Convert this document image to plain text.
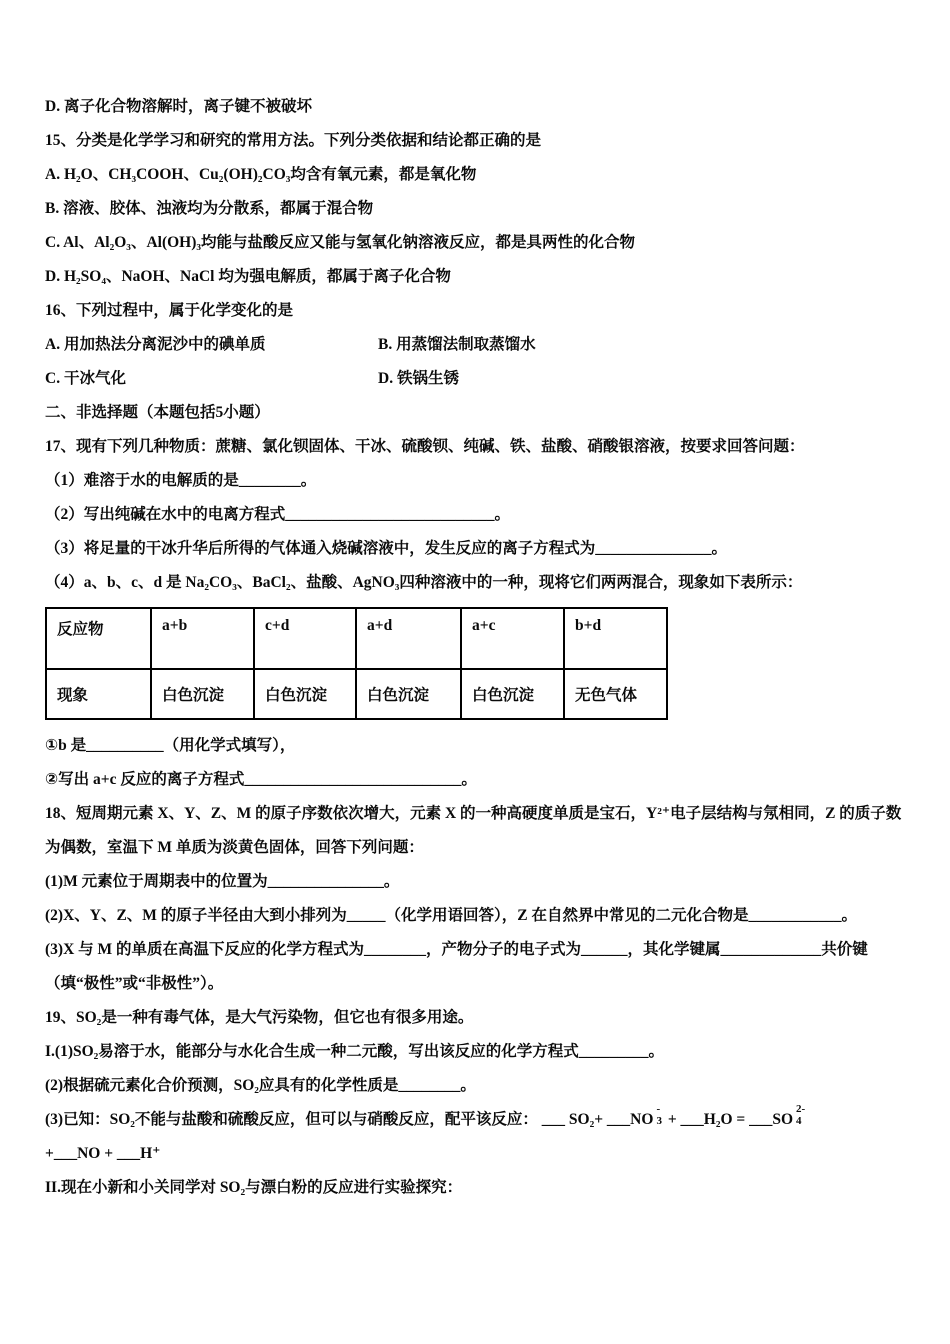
D. 离子化合物溶解时，离子键不被破坏

15、分类是化学学习和研究的常用方法。下列分类依据和结论都正确的是

A. H₂O、CH₃COOH、Cu₂(OH)₂CO₃均含有氧元素，都是氧化物

B. 溶液、胶体、浊液均为分散系，都属于混合物

C. Al、Al₂O₃、Al(OH)₃均能与盐酸反应又能与氢氧化钠溶液反应，都是具两性的化合物

D. H₂SO₄、NaOH、NaCl 均为强电解质，都属于离子化合物

16、下列过程中，属于化学变化的是

A. 用加热法分离泥沙中的碘单质	B. 用蒸馏法制取蒸馏水

C. 干冰气化	D. 铁锅生锈

二、非选择题（本题包括5小题）

17、现有下列几种物质：蔗糖、氯化钡固体、干冰、硫酸钡、纯碱、铁、盐酸、硝酸银溶液，按要求回答问题：

（1）难溶于水的电解质的是________。

（2）写出纯碱在水中的电离方程式___________________________。

（3）将足量的干冰升华后所得的气体通入烧碱溶液中，发生反应的离子方程式为_______________。

（4）a、b、c、d 是 Na₂CO₃、BaCl₂、盐酸、AgNO₃四种溶液中的一种，现将它们两两混合，现象如下表所示：

反应物	a+b	c+d	a+d	a+c	b+d
现象	白色沉淀	白色沉淀	白色沉淀	白色沉淀	无色气体

①b 是__________（用化学式填写），

②写出 a+c 反应的离子方程式____________________________。

18、短周期元素 X、Y、Z、M 的原子序数依次增大，元素 X 的一种高硬度单质是宝石，Y²⁺电子层结构与氖相同，Z 的质子数为偶数，室温下 M 单质为淡黄色固体，回答下列问题：

(1)M 元素位于周期表中的位置为_______________。

(2)X、Y、Z、M 的原子半径由大到小排列为_____（化学用语回答），Z 在自然界中常见的二元化合物是____________。

(3)X 与 M 的单质在高温下反应的化学方程式为________，产物分子的电子式为______，其化学键属_____________共价键（填“极性”或“非极性”）。

19、SO₂是一种有毒气体，是大气污染物，但它也有很多用途。

I.(1)SO₂易溶于水，能部分与水化合生成一种二元酸，写出该反应的化学方程式_________。

(2)根据硫元素化合价预测，SO₂应具有的化学性质是________。

(3)已知：SO₂不能与盐酸和硫酸反应，但可以与硝酸反应，配平该反应： ___ SO₂+ ___NO
-
3 + ___H₂O = ___SO
2-
4

+___NO + ___H⁺

II.现在小新和小关同学对 SO₂与漂白粉的反应进行实验探究：
